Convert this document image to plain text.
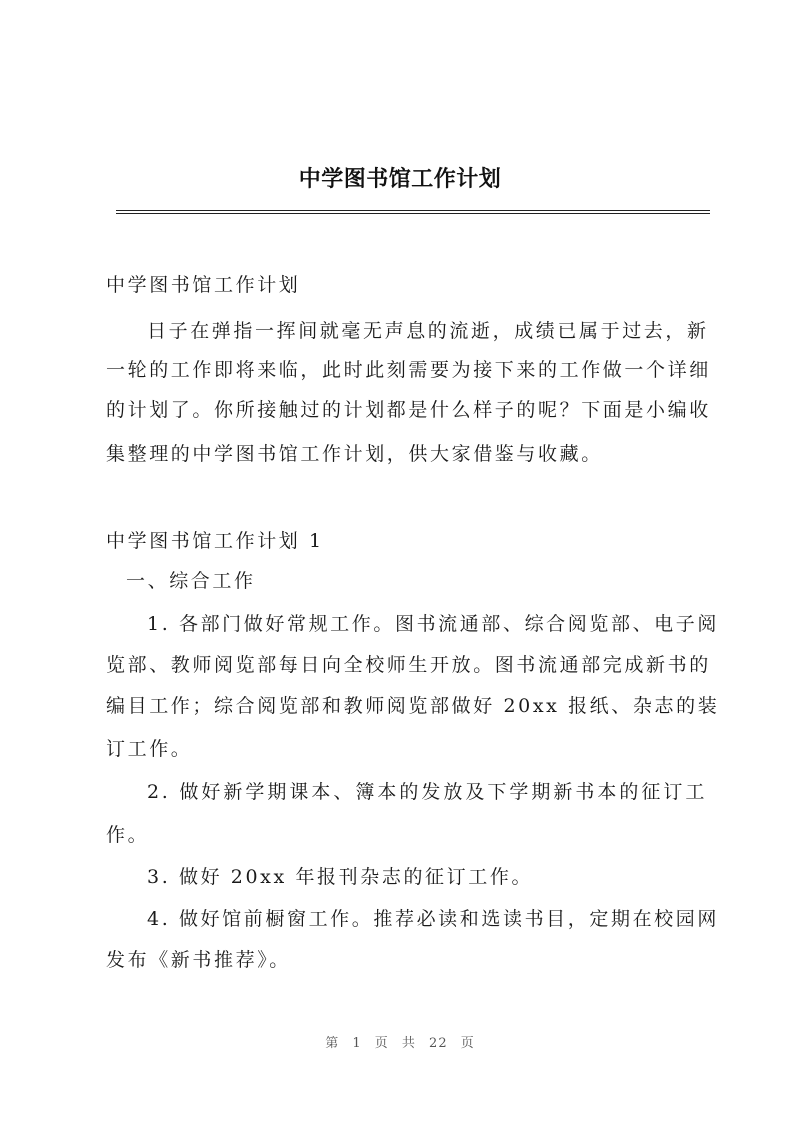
中学图书馆工作计划
中学图书馆工作计划
日子在弹指一挥间就毫无声息的流逝，成绩已属于过去，新
一轮的工作即将来临，此时此刻需要为接下来的工作做一个详细
的计划了。你所接触过的计划都是什么样子的呢？下面是小编收
集整理的中学图书馆工作计划，供大家借鉴与收藏。
中学图书馆工作计划 1
一、综合工作
1. 各部门做好常规工作。图书流通部、综合阅览部、电子阅
览部、教师阅览部每日向全校师生开放。图书流通部完成新书的
编目工作；综合阅览部和教师阅览部做好 20xx 报纸、杂志的装
订工作。
2. 做好新学期课本、簿本的发放及下学期新书本的征订工
作。
3. 做好 20xx 年报刊杂志的征订工作。
4. 做好馆前橱窗工作。推荐必读和选读书目，定期在校园网
发布《新书推荐》。
第 1 页 共 22 页
